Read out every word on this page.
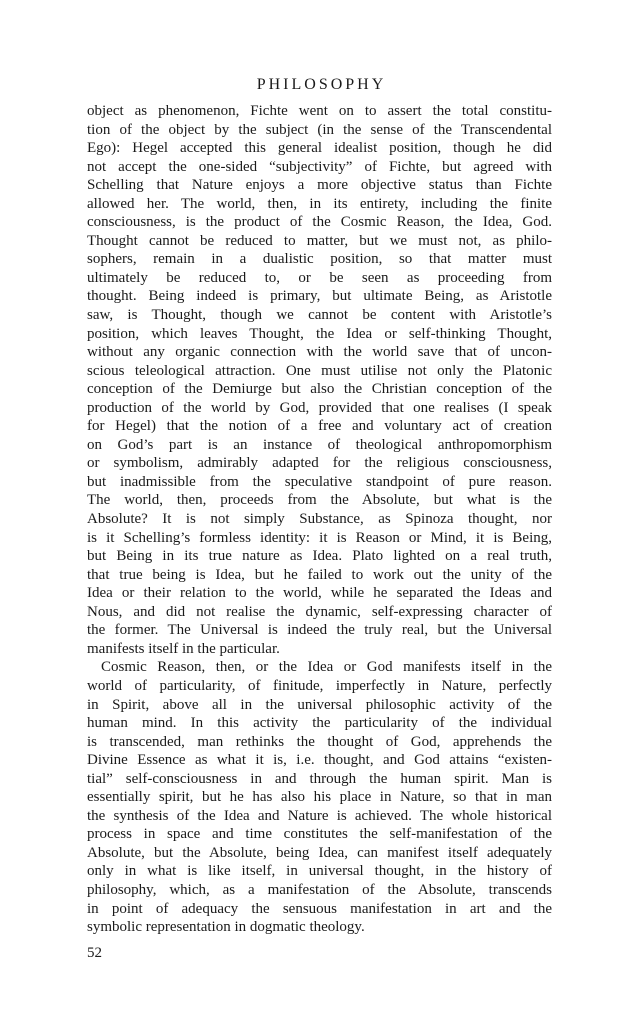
PHILOSOPHY
object as phenomenon, Fichte went on to assert the total constitu-
tion of the object by the subject (in the sense of the Transcendental
Ego): Hegel accepted this general idealist position, though he did
not accept the one-sided “subjectivity” of Fichte, but agreed with
Schelling that Nature enjoys a more objective status than Fichte
allowed her. The world, then, in its entirety, including the finite
consciousness, is the product of the Cosmic Reason, the Idea, God.
Thought cannot be reduced to matter, but we must not, as philo-
sophers, remain in a dualistic position, so that matter must
ultimately be reduced to, or be seen as proceeding from
thought. Being indeed is primary, but ultimate Being, as Aristotle
saw, is Thought, though we cannot be content with Aristotle’s
position, which leaves Thought, the Idea or self-thinking Thought,
without any organic connection with the world save that of uncon-
scious teleological attraction. One must utilise not only the Platonic
conception of the Demiurge but also the Christian conception of the
production of the world by God, provided that one realises (I speak
for Hegel) that the notion of a free and voluntary act of creation
on God’s part is an instance of theological anthropomorphism
or symbolism, admirably adapted for the religious consciousness,
but inadmissible from the speculative standpoint of pure reason.
The world, then, proceeds from the Absolute, but what is the
Absolute? It is not simply Substance, as Spinoza thought, nor
is it Schelling’s formless identity: it is Reason or Mind, it is Being,
but Being in its true nature as Idea. Plato lighted on a real truth,
that true being is Idea, but he failed to work out the unity of the
Idea or their relation to the world, while he separated the Ideas and
Nous, and did not realise the dynamic, self-expressing character of
the former. The Universal is indeed the truly real, but the Universal
manifests itself in the particular.
Cosmic Reason, then, or the Idea or God manifests itself in the
world of particularity, of finitude, imperfectly in Nature, perfectly
in Spirit, above all in the universal philosophic activity of the
human mind. In this activity the particularity of the individual
is transcended, man rethinks the thought of God, apprehends the
Divine Essence as what it is, i.e. thought, and God attains “existen-
tial” self-consciousness in and through the human spirit. Man is
essentially spirit, but he has also his place in Nature, so that in man
the synthesis of the Idea and Nature is achieved. The whole historical
process in space and time constitutes the self-manifestation of the
Absolute, but the Absolute, being Idea, can manifest itself adequately
only in what is like itself, in universal thought, in the history of
philosophy, which, as a manifestation of the Absolute, transcends
in point of adequacy the sensuous manifestation in art and the
symbolic representation in dogmatic theology.
52
